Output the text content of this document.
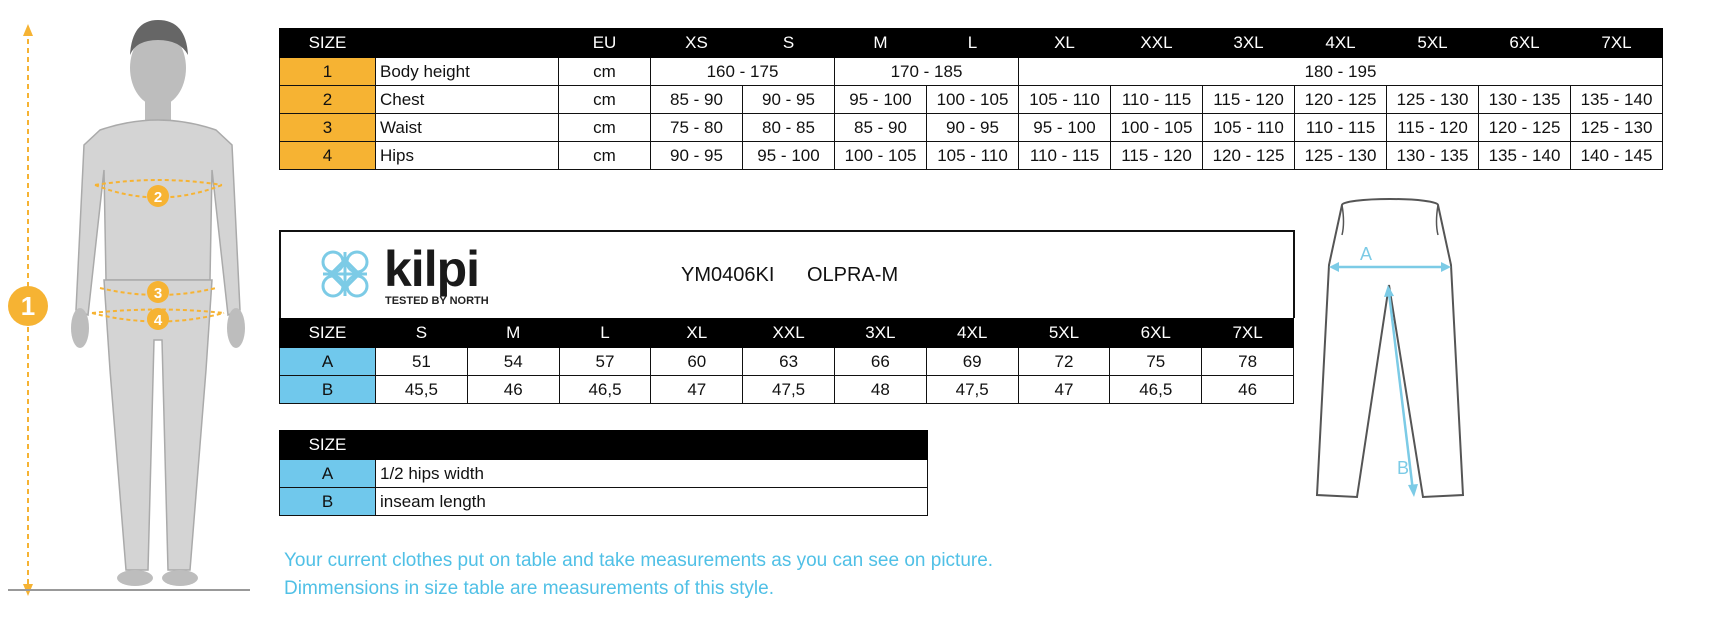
1
2
3
4
SIZE		EU	XS	S	M	L	XL	XXL	3XL	4XL	5XL	6XL	7XL
1	Body height	cm	160 - 175		170 - 185		180 - 195						
2	Chest	cm	85 - 90	90 - 95	95 - 100	100 - 105	105 - 110	110 - 115	115 - 120	120 - 125	125 - 130	130 - 135	135 - 140
3	Waist	cm	75 - 80	80 - 85	85 - 90	90 - 95	95 - 100	100 - 105	105 - 110	110 - 115	115 - 120	120 - 125	125 - 130
4	Hips	cm	90 - 95	95 - 100	100 - 105	105 - 110	110 - 115	115 - 120	120 - 125	125 - 130	130 - 135	135 - 140	140 - 145
kilpi
TESTED BY NORTH
YM0406KI OLPRA-M
SIZE	S	M	L	XL	XXL	3XL	4XL	5XL	6XL	7XL
A	51	54	57	60	63	66	69	72	75	78
B	45,5	46	46,5	47	47,5	48	47,5	47	46,5	46
SIZE	
A	1/2 hips width
B	inseam length
A
B
Your current clothes put on table and take measurements as you can see on picture.
Dimmensions in size table are measurements of this style.
